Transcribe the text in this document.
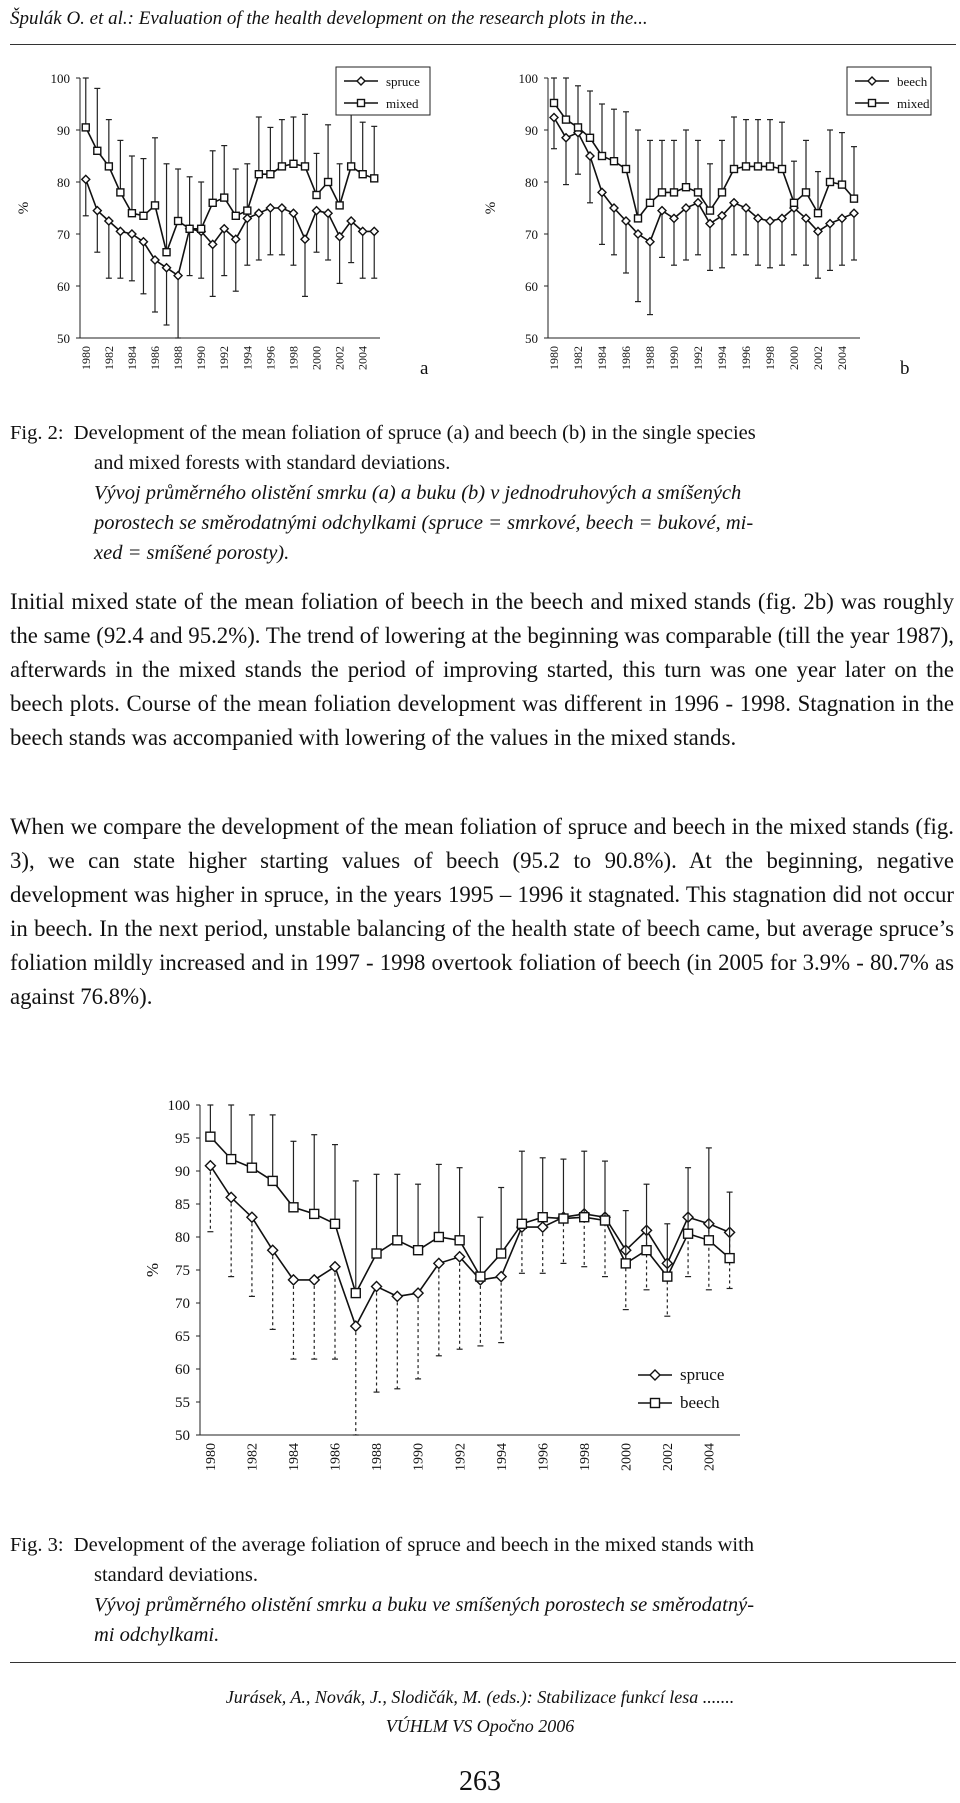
Špulák O. et al.: Evaluation of the health development on the research plots in the...
50
60
70
80
90
100
%
1980 1982 1984 1986 1988 1990 1992 1994 1996 1998 2000 2002 2004
spruce
mixed
a
50
60
70
80
90
100
%
1980 1982 1984 1986 1988 1990 1992 1994 1996 1998 2000 2002 2004
beech
mixed
b
Fig. 2: Development of the mean foliation of spruce (a) and beech (b) in the single species
and mixed forests with standard deviations.
Vývoj průměrného olistění smrku (a) a buku (b) v jednodruhových a smíšených
porostech se směrodatnými odchylkami (spruce = smrkové, beech = bukové, mi-
xed = smíšené porosty).
Initial mixed state of the mean foliation of beech in the beech and mixed stands (fig. 2b) was roughly the same (92.4 and 95.2%). The trend of lowering at the beginning was comparable (till the year 1987), afterwards in the mixed stands the period of improving started, this turn was one year later on the beech plots. Course of the mean foliation development was different in 1996 - 1998. Stagnation in the beech stands was accompanied with lowering of the values in the mixed stands.
When we compare the development of the mean foliation of spruce and beech in the mixed stands (fig. 3), we can state higher starting values of beech (95.2 to 90.8%). At the beginning, negative development was higher in spruce, in the years 1995 – 1996 it stagnated. This stagnation did not occur in beech. In the next period, unstable balancing of the health state of beech came, but average spruce’s foliation mildly increased and in 1997 - 1998 overtook foliation of beech (in 2005 for 3.9% - 80.7% as against 76.8%).
50
55
60
65
70
75
80
85
90
95
100
%
1980 1982 1984 1986 1988 1990 1992 1994 1996 1998 2000 2002 2004
spruce
beech
Fig. 3: Development of the average foliation of spruce and beech in the mixed stands with
standard deviations.
Vývoj průměrného olistění smrku a buku ve smíšených porostech se směrodatný-
mi odchylkami.
Jurásek, A., Novák, J., Slodičák, M. (eds.): Stabilizace funkcí lesa .......
VÚHLM VS Opočno 2006
263
